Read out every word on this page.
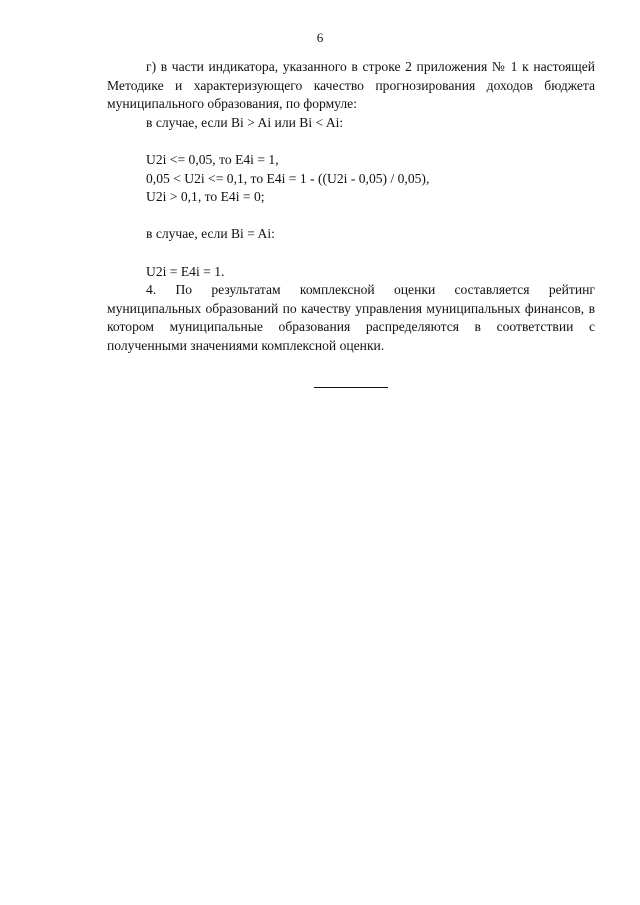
6

г) в части индикатора, указанного в строке 2 приложения № 1 к настоящей Методике и характеризующего качество прогнозирования доходов бюджета муниципального образования, по формуле:

в случае, если Bi > Ai или Bi < Ai:

U2i <= 0,05, то E4i = 1,

0,05 < U2i <= 0,1, то E4i = 1 - ((U2i - 0,05) / 0,05),

U2i > 0,1, то E4i = 0;

в случае, если Bi = Ai:

U2i = E4i = 1.

4. По результатам комплексной оценки составляется рейтинг муниципальных образований по качеству управления муниципальных финансов, в котором муниципальные образования распределяются в соответствии с полученными значениями комплексной оценки.
